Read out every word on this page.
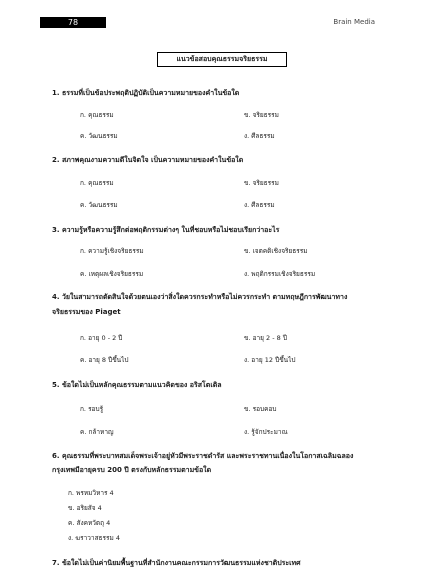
78	Brain Media
แนวข้อสอบคุณธรรมจริยธรรม
1. ธรรมที่เป็นข้อประพฤติปฏิบัติเป็นความหมายของคำในข้อใด
ก. คุณธรรม	ข. จริยธรรม
ค. วัฒนธรรม	ง. ศีลธรรม
2. สภาพคุณงามความดีในจิตใจ เป็นความหมายของคำในข้อใด
ก. คุณธรรม	ข. จริยธรรม
ค. วัฒนธรรม	ง. ศีลธรรม
3. ความรู้หรือความรู้สึกต่อพฤติกรรมต่างๆ ในที่ชอบหรือไม่ชอบเรียกว่าอะไร
ก. ความรู้เชิงจริยธรรม	ข. เจตคติเชิงจริยธรรม
ค. เหตุผลเชิงจริยธรรม	ง. พฤติกรรมเชิงจริยธรรม
4. วัยในสามารถตัดสินใจด้วยตนเองว่าสิ่งใดควรกระทำหรือไม่ควรกระทำ ตามทฤษฎีการพัฒนาทาง
จริยธรรมของ Piaget
ก. อายุ 0 - 2 ปี	ข. อายุ 2 - 8 ปี
ค. อายุ 8 ปีขึ้นไป	ง. อายุ 12 ปีขึ้นไป
5. ข้อใดไม่เป็นหลักคุณธรรมตามแนวคิดของ อริสโตเติล
ก. รอบรู้	ข. รอบคอบ
ค. กล้าหาญ	ง. รู้จักประมาณ
6. คุณธรรมที่พระบาทสมเด็จพระเจ้าอยู่หัวมีพระราชดำรัส และพระราชทานเนื่องในโอกาสเฉลิมฉลอง
กรุงเทพมีอายุครบ 200 ปี ตรงกับหลักธรรมตามข้อใด
ก. พรหมวิหาร 4
ข. อริยสัจ 4
ค. สังคหวัตถุ 4
ง. ฆราวาสธรรม 4
7. ข้อใดไม่เป็นค่านิยมพื้นฐานที่สำนักงานคณะกรรมการวัฒนธรรมแห่งชาติประเทศ
